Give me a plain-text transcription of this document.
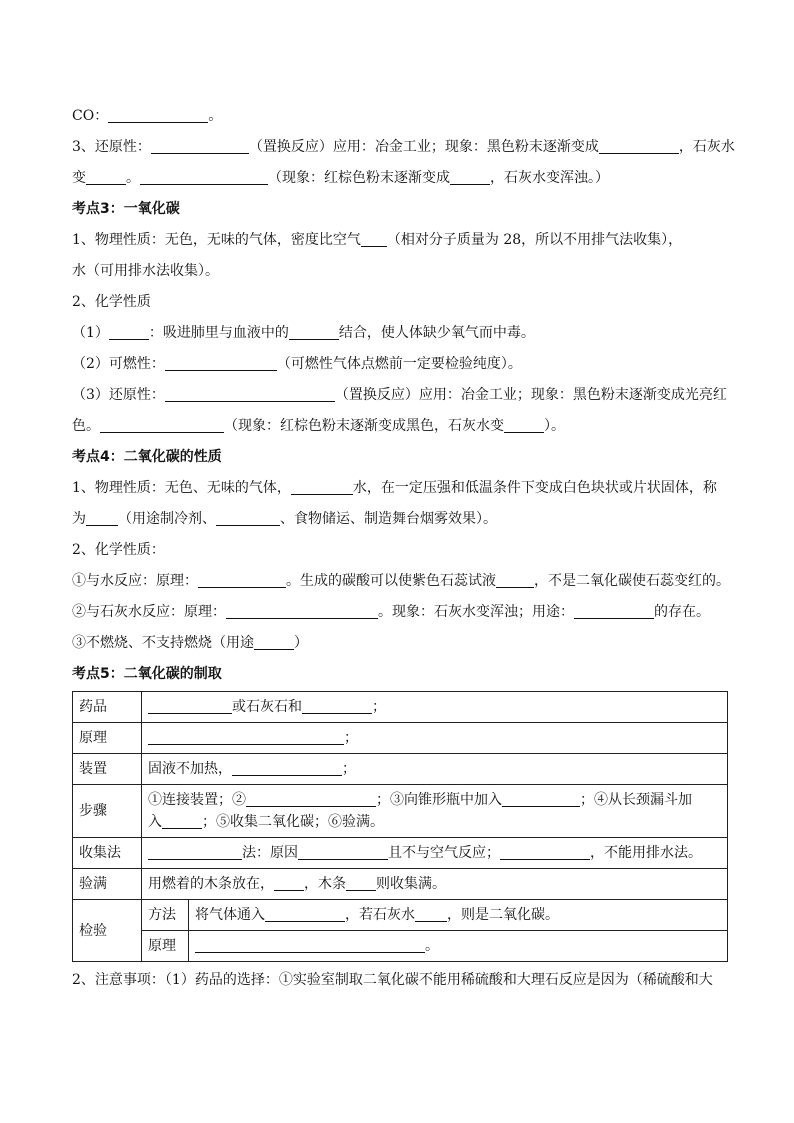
CO：	。

3、还原性：	（置换反应）应用：冶金工业；现象：黑色粉末逐渐变成	，石灰水

变	。	（现象：红棕色粉末逐渐变成	，石灰水变浑浊。）

考点3：一氧化碳

1、物理性质：无色，无味的气体，密度比空气 （相对分子质量为 28，所以不用排气法收集），

水（可用排水法收集）。

2、化学性质

（1）	：吸进肺里与血液中的	结合，使人体缺少氧气而中毒。

（2）可燃性：	（可燃性气体点燃前一定要检验纯度）。

（3）还原性：	（置换反应）应用：冶金工业；现象：黑色粉末逐渐变成光亮红

色。	（现象：红棕色粉末逐渐变成黑色，石灰水变	）。

考点4：二氧化碳的性质

1、物理性质：无色、无味的气体，	水，在一定压强和低温条件下变成白色块状或片状固体，称

为 （用途制冷剂、	、食物储运、制造舞台烟雾效果）。

2、化学性质：

①与水反应：原理：	。生成的碳酸可以使紫色石蕊试液	，不是二氧化碳使石蕊变红的。

②与石灰水反应：原理：	。现象：石灰水变浑浊；用途：	的存在。

③不燃烧、不支持燃烧（用途	）

考点5：二氧化碳的制取

药品	或石灰石和 ；	
原理	；	
装置	固液不加热， ；	
步骤	①连接装置；② ；③向锥形瓶中加入 ；④从长颈漏斗加
入 ；⑤收集二氧化碳；⑥验满。	

收集法	法：原因 且不与空气反应； ，不能用排水法。	
验满	用燃着的木条放在， ，木条 则收集满。	
检验	方法	将气体通入 ，若石灰水 ，则是二氧化碳。
	原理	。

2、注意事项：（1）药品的选择：①实验室制取二氧化碳不能用稀硫酸和大理石反应是因为（稀硫酸和大
